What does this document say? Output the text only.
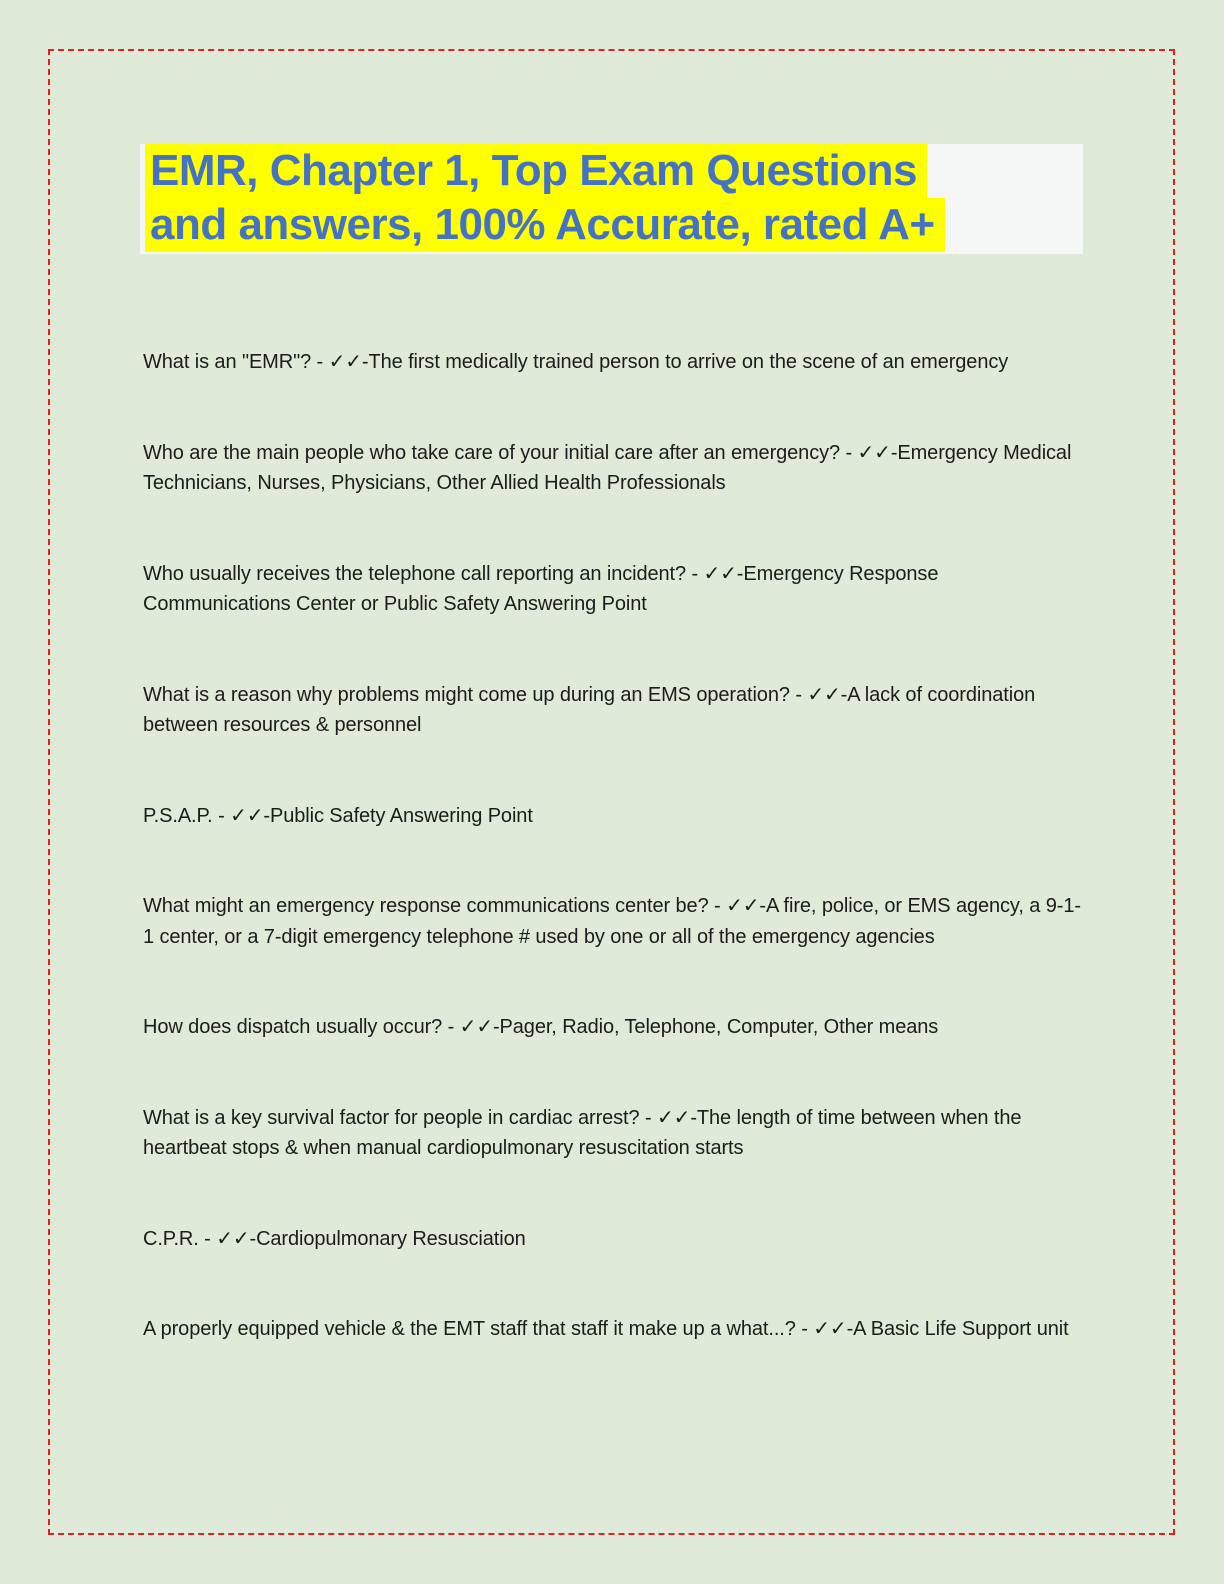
EMR, Chapter 1, Top Exam Questions
and answers, 100% Accurate, rated A+

What is an "EMR"? - ✓✓-The first medically trained person to arrive on the scene of an emergency

Who are the main people who take care of your initial care after an emergency? - ✓✓-Emergency Medical Technicians, Nurses, Physicians, Other Allied Health Professionals

Who usually receives the telephone call reporting an incident? - ✓✓-Emergency Response Communications Center or Public Safety Answering Point

What is a reason why problems might come up during an EMS operation? - ✓✓-A lack of coordination between resources & personnel

P.S.A.P. - ✓✓-Public Safety Answering Point

What might an emergency response communications center be? - ✓✓-A fire, police, or EMS agency, a 9-1-1 center, or a 7-digit emergency telephone # used by one or all of the emergency agencies

How does dispatch usually occur? - ✓✓-Pager, Radio, Telephone, Computer, Other means

What is a key survival factor for people in cardiac arrest? - ✓✓-The length of time between when the heartbeat stops & when manual cardiopulmonary resuscitation starts

C.P.R. - ✓✓-Cardiopulmonary Resusciation

A properly equipped vehicle & the EMT staff that staff it make up a what...? - ✓✓-A Basic Life Support unit
